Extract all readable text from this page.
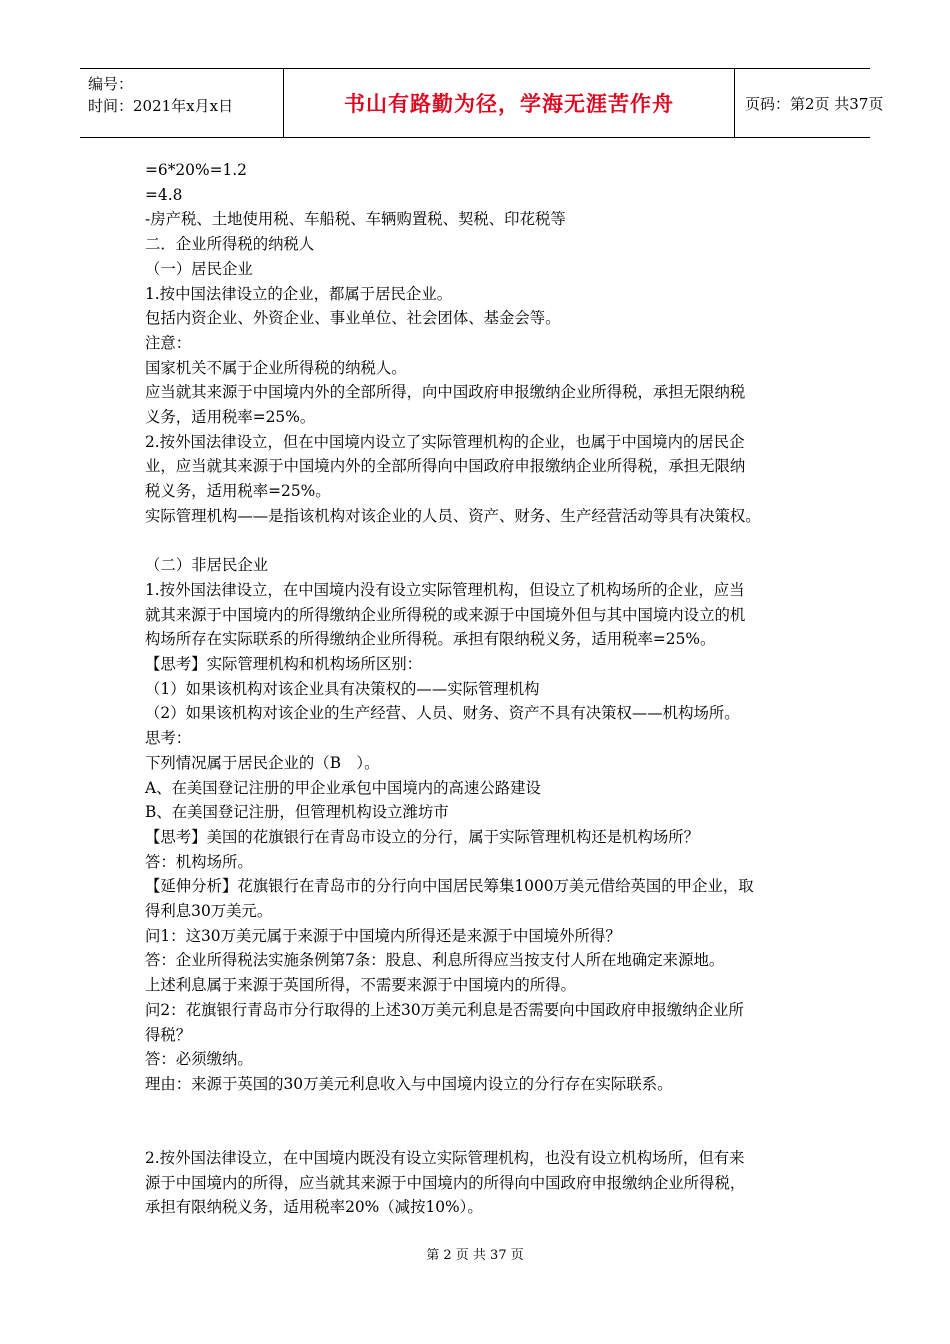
编号：
时间：2021年x月x日	书山有路勤为径，学海无涯苦作舟	页码：第2页 共37页

=6*20%=1.2

=4.8

-房产税、土地使用税、车船税、车辆购置税、契税、印花税等

二．企业所得税的纳税人

（一）居民企业

1.按中国法律设立的企业，都属于居民企业。

包括内资企业、外资企业、事业单位、社会团体、基金会等。

注意：

国家机关不属于企业所得税的纳税人。

应当就其来源于中国境内外的全部所得，向中国政府申报缴纳企业所得税，承担无限纳税

义务，适用税率=25%。

2.按外国法律设立，但在中国境内设立了实际管理机构的企业，也属于中国境内的居民企

业，应当就其来源于中国境内外的全部所得向中国政府申报缴纳企业所得税，承担无限纳

税义务，适用税率=25%。

实际管理机构——是指该机构对该企业的人员、资产、财务、生产经营活动等具有决策权。

（二）非居民企业

1.按外国法律设立，在中国境内没有设立实际管理机构，但设立了机构场所的企业，应当

就其来源于中国境内的所得缴纳企业所得税的或来源于中国境外但与其中国境内设立的机

构场所存在实际联系的所得缴纳企业所得税。承担有限纳税义务，适用税率=25%。

【思考】实际管理机构和机构场所区别：

（1）如果该机构对该企业具有决策权的——实际管理机构

（2）如果该机构对该企业的生产经营、人员、财务、资产不具有决策权——机构场所。

思考：

下列情况属于居民企业的（B　）。

A、在美国登记注册的甲企业承包中国境内的高速公路建设

B、在美国登记注册，但管理机构设立潍坊市

【思考】美国的花旗银行在青岛市设立的分行，属于实际管理机构还是机构场所？

答：机构场所。

【延伸分析】花旗银行在青岛市的分行向中国居民筹集1000万美元借给英国的甲企业，取

得利息30万美元。

问1：这30万美元属于来源于中国境内所得还是来源于中国境外所得？

答：企业所得税法实施条例第7条：股息、利息所得应当按支付人所在地确定来源地。

上述利息属于来源于英国所得，不需要来源于中国境内的所得。

问2：花旗银行青岛市分行取得的上述30万美元利息是否需要向中国政府申报缴纳企业所

得税？

答：必须缴纳。

理由：来源于英国的30万美元利息收入与中国境内设立的分行存在实际联系。

2.按外国法律设立，在中国境内既没有设立实际管理机构，也没有设立机构场所，但有来

源于中国境内的所得，应当就其来源于中国境内的所得向中国政府申报缴纳企业所得税，

承担有限纳税义务，适用税率20%（减按10%）。

第 2 页 共 37 页
